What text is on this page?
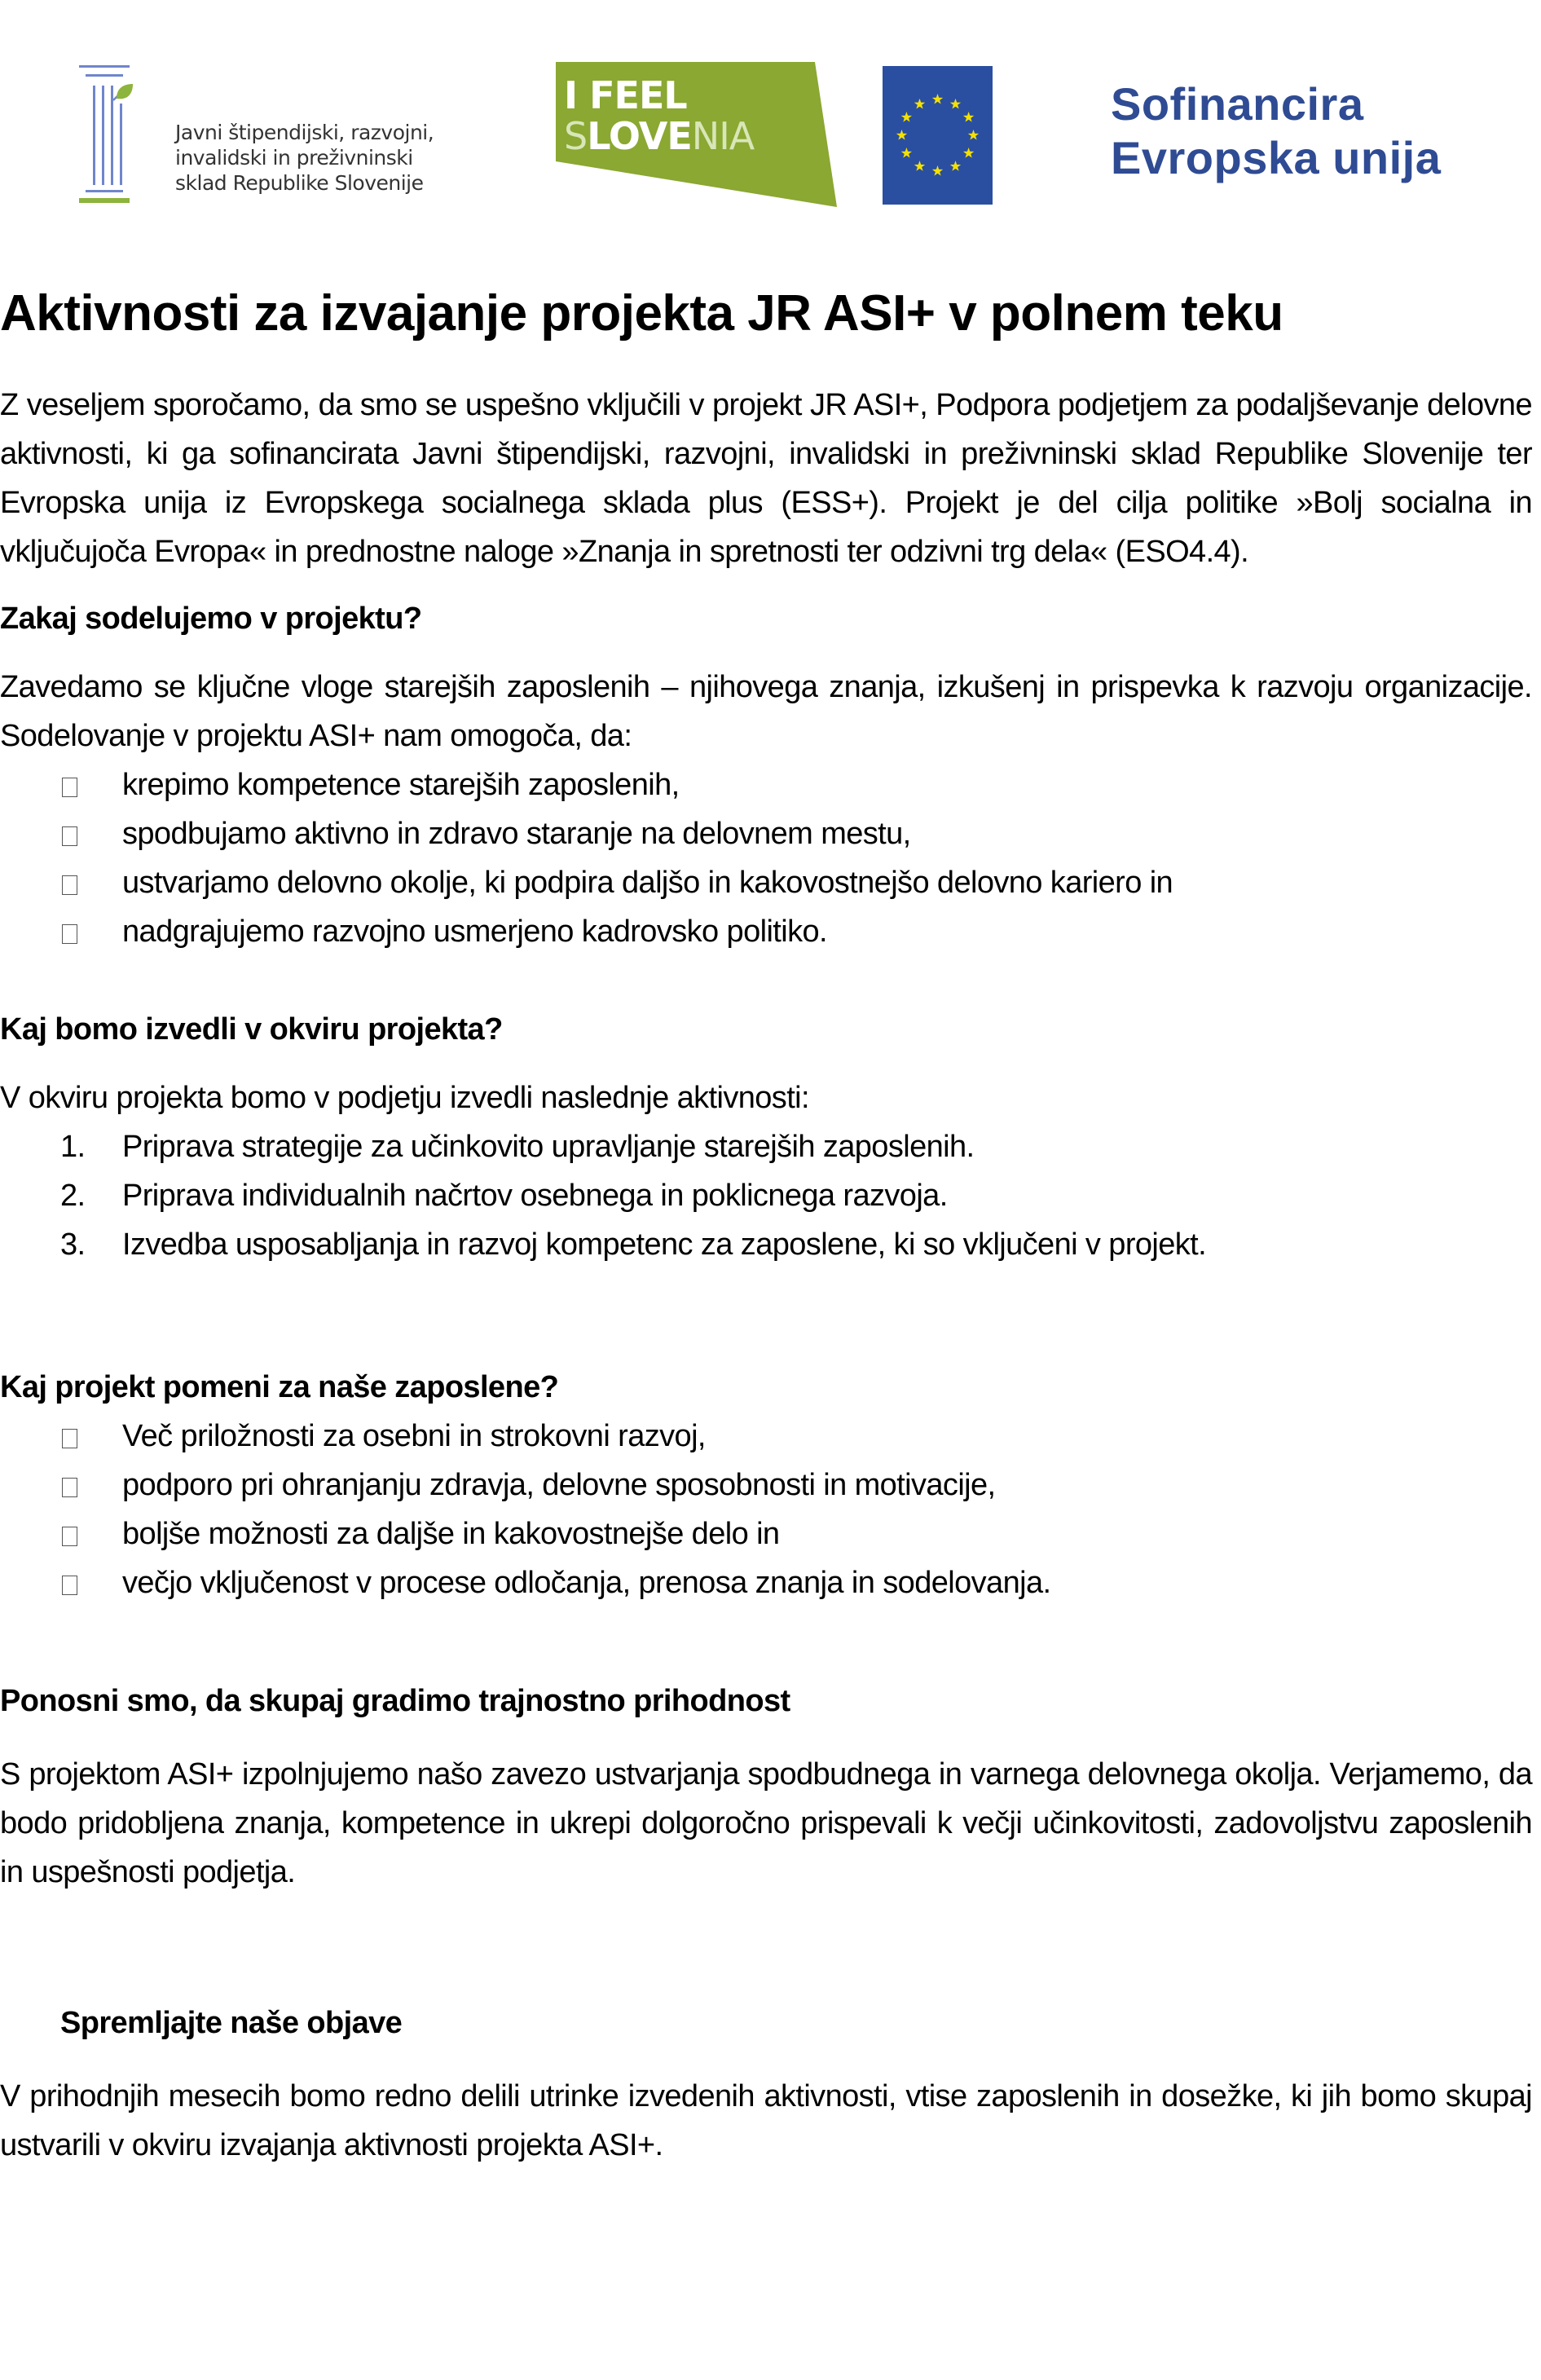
Javni štipendijski, razvojni,
invalidski in preživninski
sklad Republike Slovenije
I FEEL
SLOVENIA
Sofinancira
Evropska unija
Aktivnosti za izvajanje projekta JR ASI+ v polnem teku

Z veseljem sporočamo, da smo se uspešno vključili v projekt JR ASI+, Podpora podjetjem za podaljševanje delovne aktivnosti, ki ga sofinancirata Javni štipendijski, razvojni, invalidski in preživninski sklad Republike Slovenije ter Evropska unija iz Evropskega socialnega sklada plus (ESS+). Projekt je del cilja politike »Bolj socialna in vključujoča Evropa« in prednostne naloge »Znanja in spretnosti ter odzivni trg dela« (ESO4.4).

Zakaj sodelujemo v projektu?

Zavedamo se ključne vloge starejših zaposlenih – njihovega znanja, izkušenj in prispevka k razvoju organizacije. Sodelovanje v projektu ASI+ nam omogoča, da:

krepimo kompetence starejših zaposlenih,
spodbujamo aktivno in zdravo staranje na delovnem mestu,
ustvarjamo delovno okolje, ki podpira daljšo in kakovostnejšo delovno kariero in
nadgrajujemo razvojno usmerjeno kadrovsko politiko.

Kaj bomo izvedli v okviru projekta?

V okviru projekta bomo v podjetju izvedli naslednje aktivnosti:

1. Priprava strategije za učinkovito upravljanje starejših zaposlenih.
2. Priprava individualnih načrtov osebnega in poklicnega razvoja.
3. Izvedba usposabljanja in razvoj kompetenc za zaposlene, ki so vključeni v projekt.

Kaj projekt pomeni za naše zaposlene?

Več priložnosti za osebni in strokovni razvoj,
podporo pri ohranjanju zdravja, delovne sposobnosti in motivacije,
boljše možnosti za daljše in kakovostnejše delo in
večjo vključenost v procese odločanja, prenosa znanja in sodelovanja.

Ponosni smo, da skupaj gradimo trajnostno prihodnost

S projektom ASI+ izpolnjujemo našo zavezo ustvarjanja spodbudnega in varnega delovnega okolja. Verjamemo, da bodo pridobljena znanja, kompetence in ukrepi dolgoročno prispevali k večji učinkovitosti, zadovoljstvu zaposlenih in uspešnosti podjetja.

Spremljajte naše objave

V prihodnjih mesecih bomo redno delili utrinke izvedenih aktivnosti, vtise zaposlenih in dosežke, ki jih bomo skupaj ustvarili v okviru izvajanja aktivnosti projekta ASI+.
